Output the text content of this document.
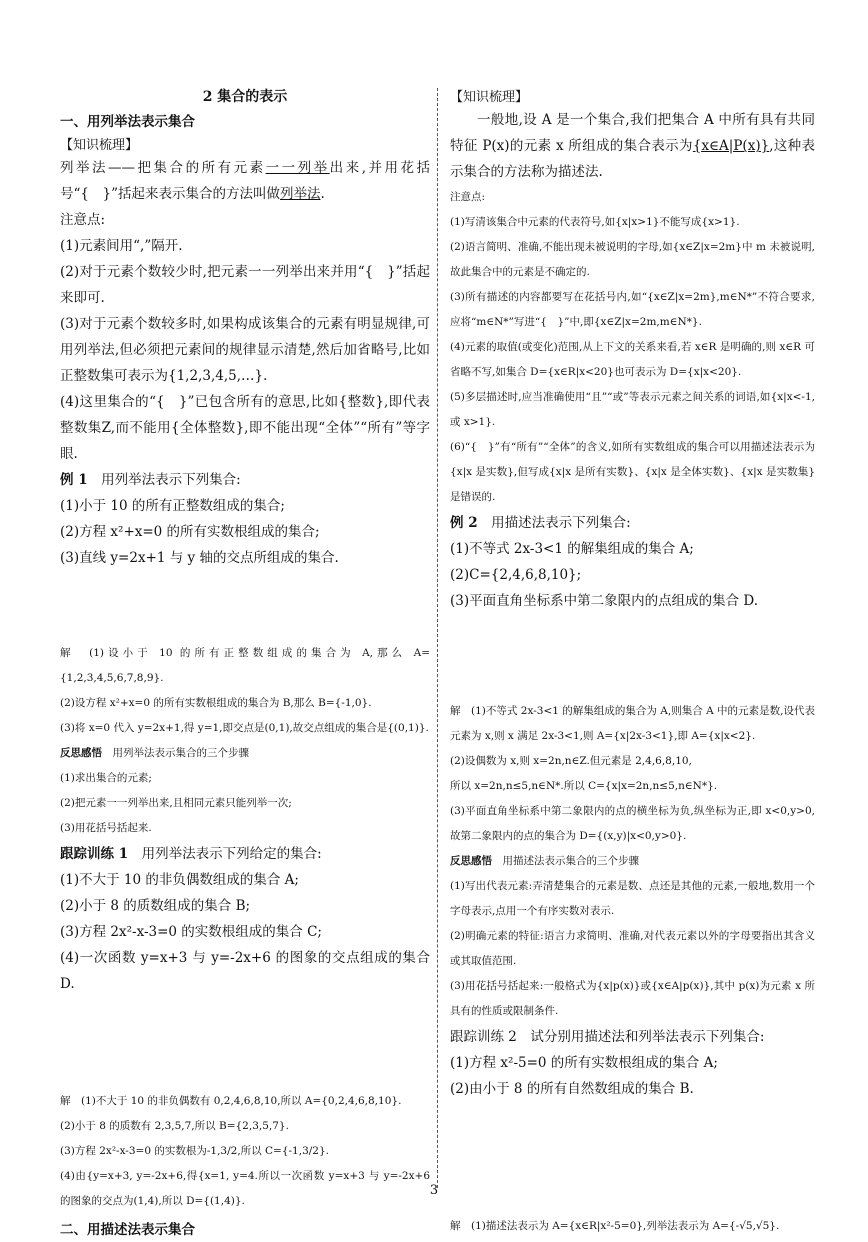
2 集合的表示

一、用列举法表示集合

【知识梳理】

列举法——把集合的所有元素一一列举出来,并用花括号“{　}”括起来表示集合的方法叫做列举法.

注意点:

(1)元素间用“,”隔开.

(2)对于元素个数较少时,把元素一一列举出来并用“{　}”括起来即可.

(3)对于元素个数较多时,如果构成该集合的元素有明显规律,可用列举法,但必须把元素间的规律显示清楚,然后加省略号,比如正整数集可表示为{1,2,3,4,5,…}.

(4)这里集合的“{　}”已包含所有的意思,比如{整数},即代表整数集Z,而不能用{全体整数},即不能出现“全体”“所有”等字眼.

例 1　 用列举法表示下列集合:

(1)小于 10 的所有正整数组成的集合;

(2)方程 x²+x=0 的所有实数根组成的集合;

(3)直线 y=2x+1 与 y 轴的交点所组成的集合.

解　(1)设小于 10 的所有正整数组成的集合为 A,那么 A={1,2,3,4,5,6,7,8,9}.

(2)设方程 x²+x=0 的所有实数根组成的集合为 B,那么 B={-1,0}.

(3)将 x=0 代入 y=2x+1,得 y=1,即交点是(0,1),故交点组成的集合是{(0,1)}.

反思感悟　 用列举法表示集合的三个步骤

(1)求出集合的元素;

(2)把元素一一列举出来,且相同元素只能列举一次;

(3)用花括号括起来.

跟踪训练 1　 用列举法表示下列给定的集合:

(1)不大于 10 的非负偶数组成的集合 A;

(2)小于 8 的质数组成的集合 B;

(3)方程 2x²-x-3=0 的实数根组成的集合 C;

(4)一次函数 y=x+3 与 y=-2x+6 的图象的交点组成的集合 D.

解　(1)不大于 10 的非负偶数有 0,2,4,6,8,10,所以 A={0,2,4,6,8,10}.

(2)小于 8 的质数有 2,3,5,7,所以 B={2,3,5,7}.

(3)方程 2x²-x-3=0 的实数根为-1,3/2,所以 C={-1,3/2}.

(4)由{y=x+3, y=-2x+6,得{x=1, y=4.所以一次函数 y=x+3 与 y=-2x+6 的图象的交点为(1,4),所以 D={(1,4)}.

二、用描述法表示集合

【知识梳理】

一般地,设 A 是一个集合,我们把集合 A 中所有具有共同特征 P(x)的元素 x 所组成的集合表示为{x∈A|P(x)},这种表示集合的方法称为描述法.

注意点:

(1)写清该集合中元素的代表符号,如{x|x>1}不能写成{x>1}.

(2)语言简明、准确,不能出现未被说明的字母,如{x∈Z|x=2m}中 m 未被说明,故此集合中的元素是不确定的.

(3)所有描述的内容都要写在花括号内,如“{x∈Z|x=2m},m∈N*”不符合要求,应将“m∈N*”写进“{　}”中,即{x∈Z|x=2m,m∈N*}.

(4)元素的取值(或变化)范围,从上下文的关系来看,若 x∈R 是明确的,则 x∈R 可省略不写,如集合 D={x∈R|x<20}也可表示为 D={x|x<20}.

(5)多层描述时,应当准确使用“且”“或”等表示元素之间关系的词语,如{x|x<-1,或 x>1}.

(6)“{　}”有“所有”“全体”的含义,如所有实数组成的集合可以用描述法表示为{x|x 是实数},但写成{x|x 是所有实数}、{x|x 是全体实数}、{x|x 是实数集}是错误的.

例 2　 用描述法表示下列集合:

(1)不等式 2x-3<1 的解集组成的集合 A;

(2)C={2,4,6,8,10};

(3)平面直角坐标系中第二象限内的点组成的集合 D.

解　(1)不等式 2x-3<1 的解集组成的集合为 A,则集合 A 中的元素是数,设代表元素为 x,则 x 满足 2x-3<1,则 A={x|2x-3<1},即 A={x|x<2}.

(2)设偶数为 x,则 x=2n,n∈Z.但元素是 2,4,6,8,10,

所以 x=2n,n≤5,n∈N*.所以 C={x|x=2n,n≤5,n∈N*}.

(3)平面直角坐标系中第二象限内的点的横坐标为负,纵坐标为正,即 x<0,y>0,故第二象限内的点的集合为 D={(x,y)|x<0,y>0}.

反思感悟　 用描述法表示集合的三个步骤

(1)写出代表元素:弄清楚集合的元素是数、点还是其他的元素,一般地,数用一个字母表示,点用一个有序实数对表示.

(2)明确元素的特征:语言力求简明、准确,对代表元素以外的字母要指出其含义或其取值范围.

(3)用花括号括起来:一般格式为{x|p(x)}或{x∈A|p(x)},其中 p(x)为元素 x 所具有的性质或限制条件.

跟踪训练 2　 试分别用描述法和列举法表示下列集合:

(1)方程 x²-5=0 的所有实数根组成的集合 A;

(2)由小于 8 的所有自然数组成的集合 B.

解　(1)描述法表示为 A={x∈R|x²-5=0},列举法表示为 A={-√5,√5}.

3
